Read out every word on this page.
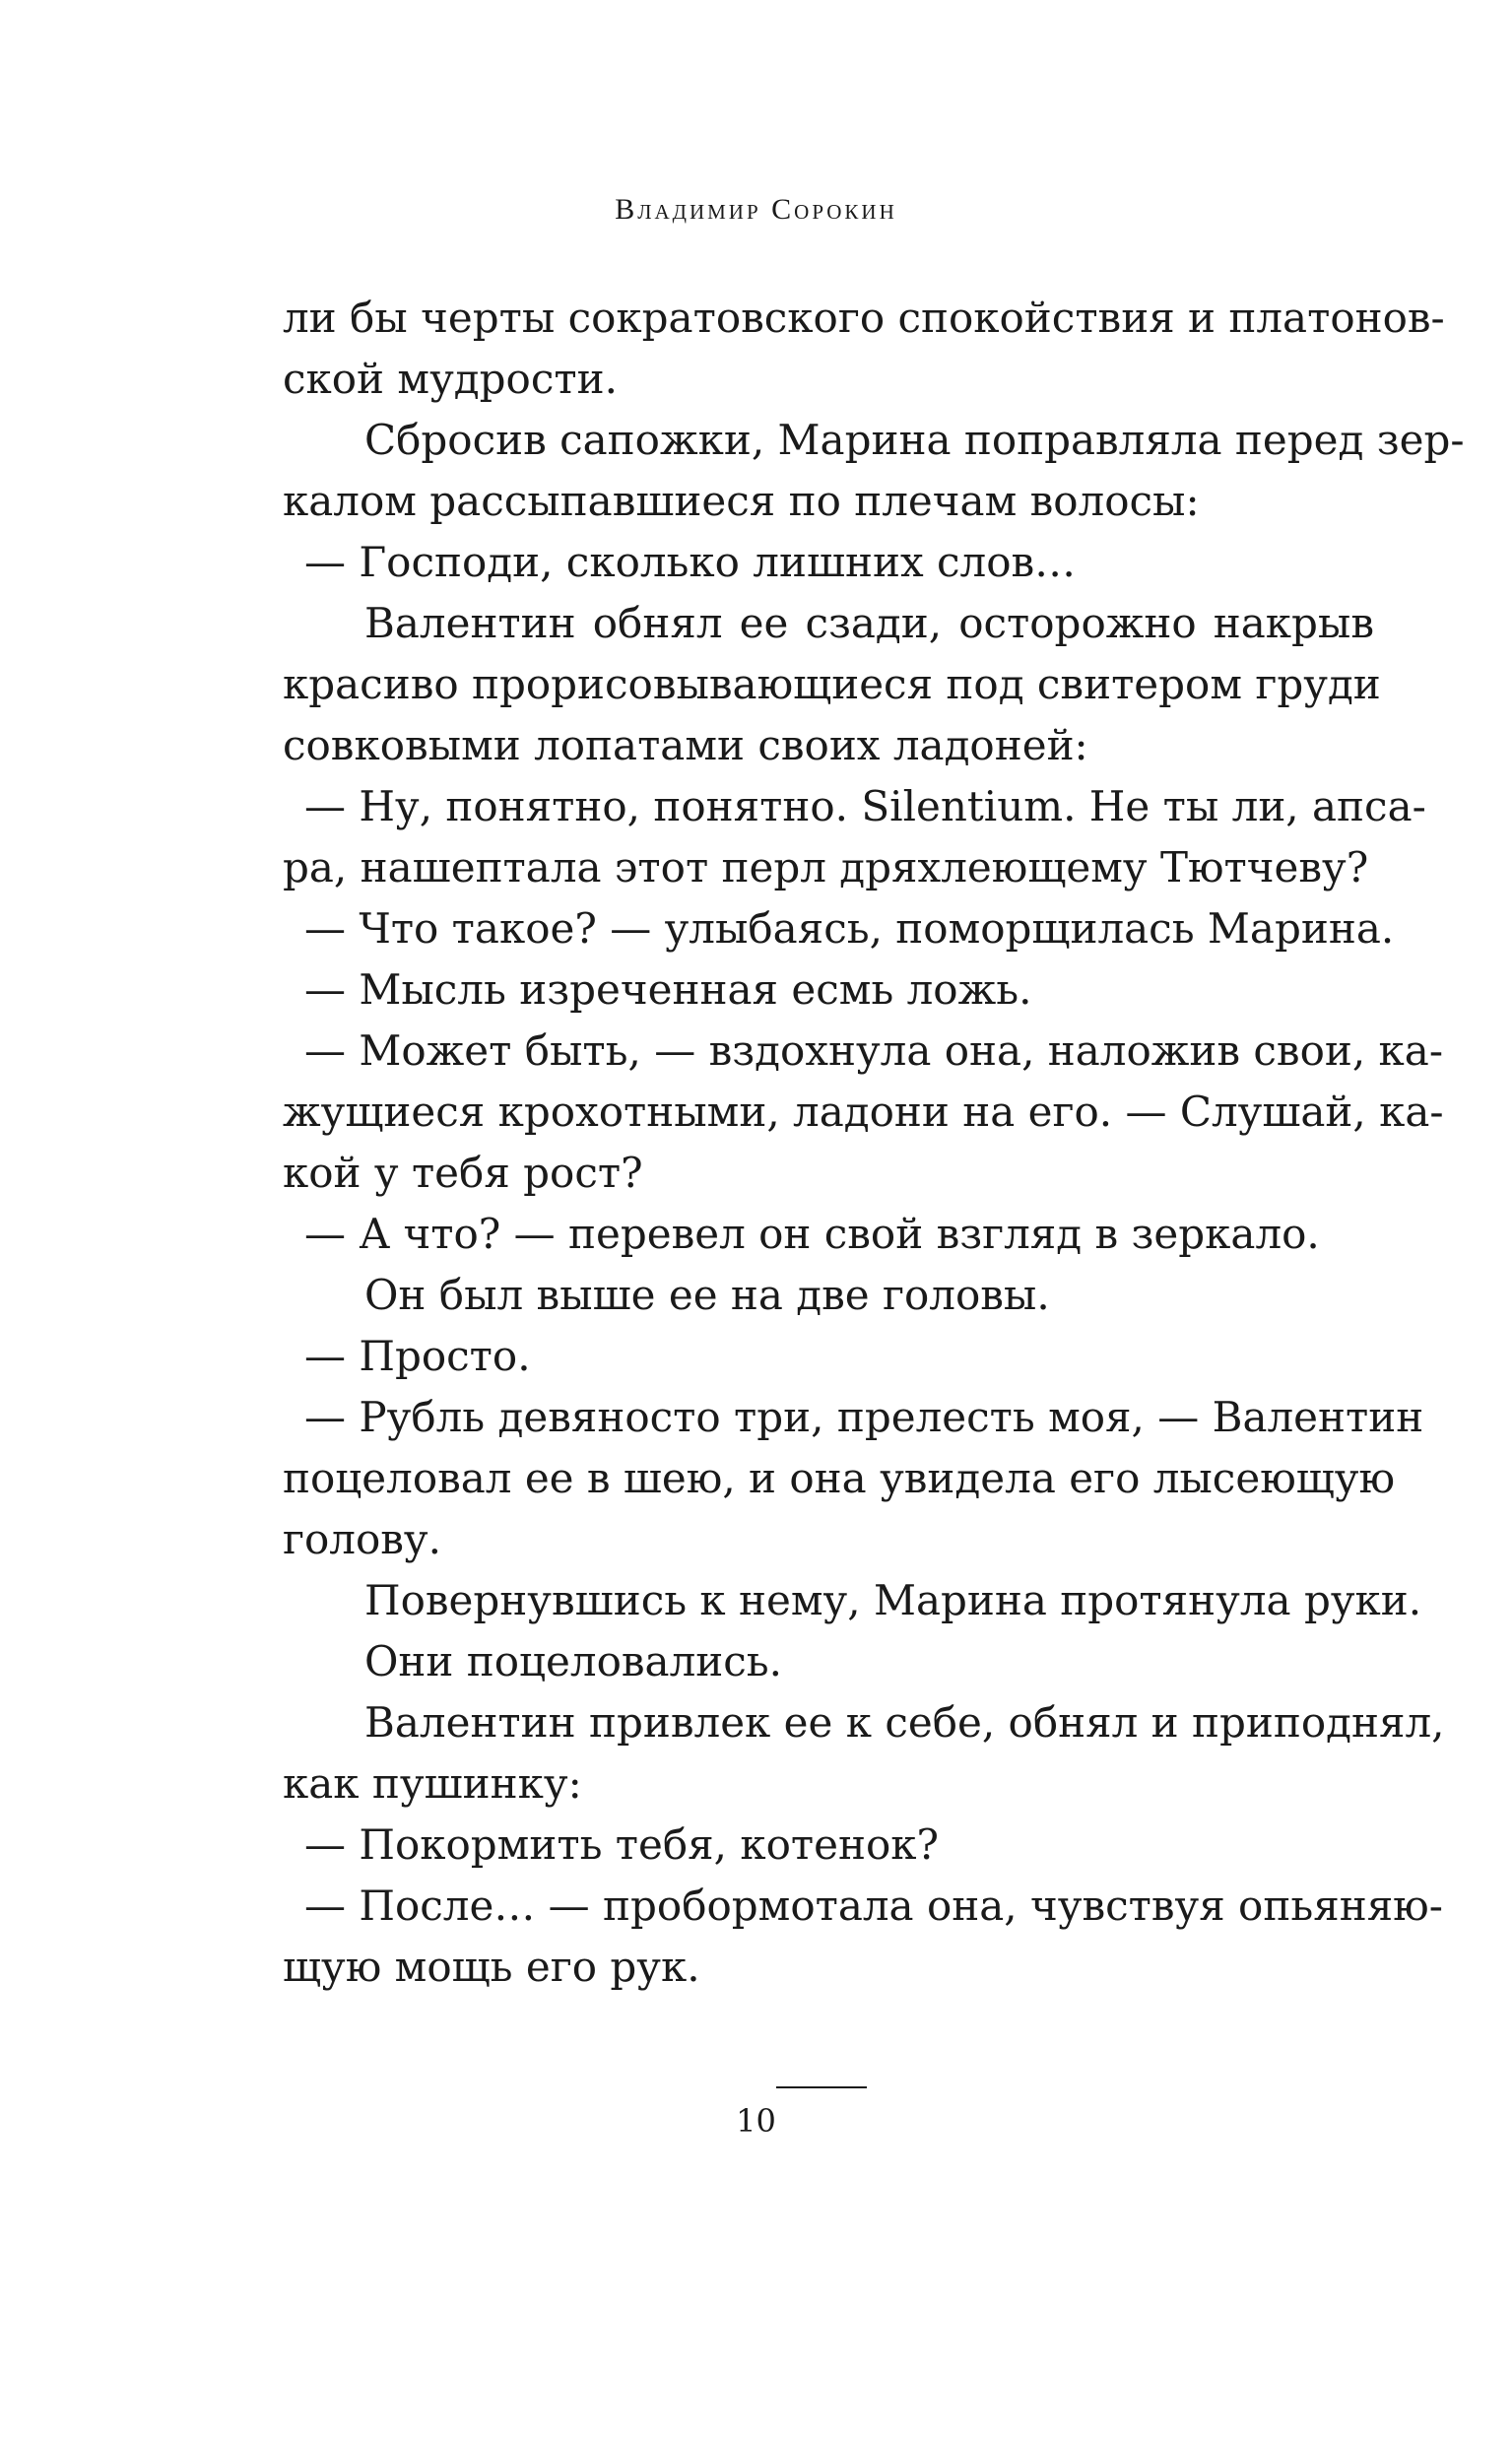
Владимир Сорокин
ли бы черты сократовского спокойствия и платонов-
ской мудрости.
Сбросив сапожки, Марина поправляла перед зер-
калом рассыпавшиеся по плечам волосы:
— Господи, сколько лишних слов…
Валентин обнял ее сзади, осторожно накрыв
красиво прорисовывающиеся под свитером груди
совковыми лопатами своих ладоней:
— Ну, понятно, понятно. Silentium. Не ты ли, апса-
ра, нашептала этот перл дряхлеющему Тютчеву?
— Что такое? — улыбаясь, поморщилась Марина.
— Мысль изреченная есмь ложь.
— Может быть, — вздохнула она, наложив свои, ка-
жущиеся крохотными, ладони на его. — Слушай, ка-
кой у тебя рост?
— А что? — перевел он свой взгляд в зеркало.
Он был выше ее на две головы.
— Просто.
— Рубль девяносто три, прелесть моя, — Валентин
поцеловал ее в шею, и она увидела его лысеющую
голову.
Повернувшись к нему, Марина протянула руки.
Они поцеловались.
Валентин привлек ее к себе, обнял и приподнял,
как пушинку:
— Покормить тебя, котенок?
— После… — пробормотала она, чувствуя опьяняю-
щую мощь его рук.
10
